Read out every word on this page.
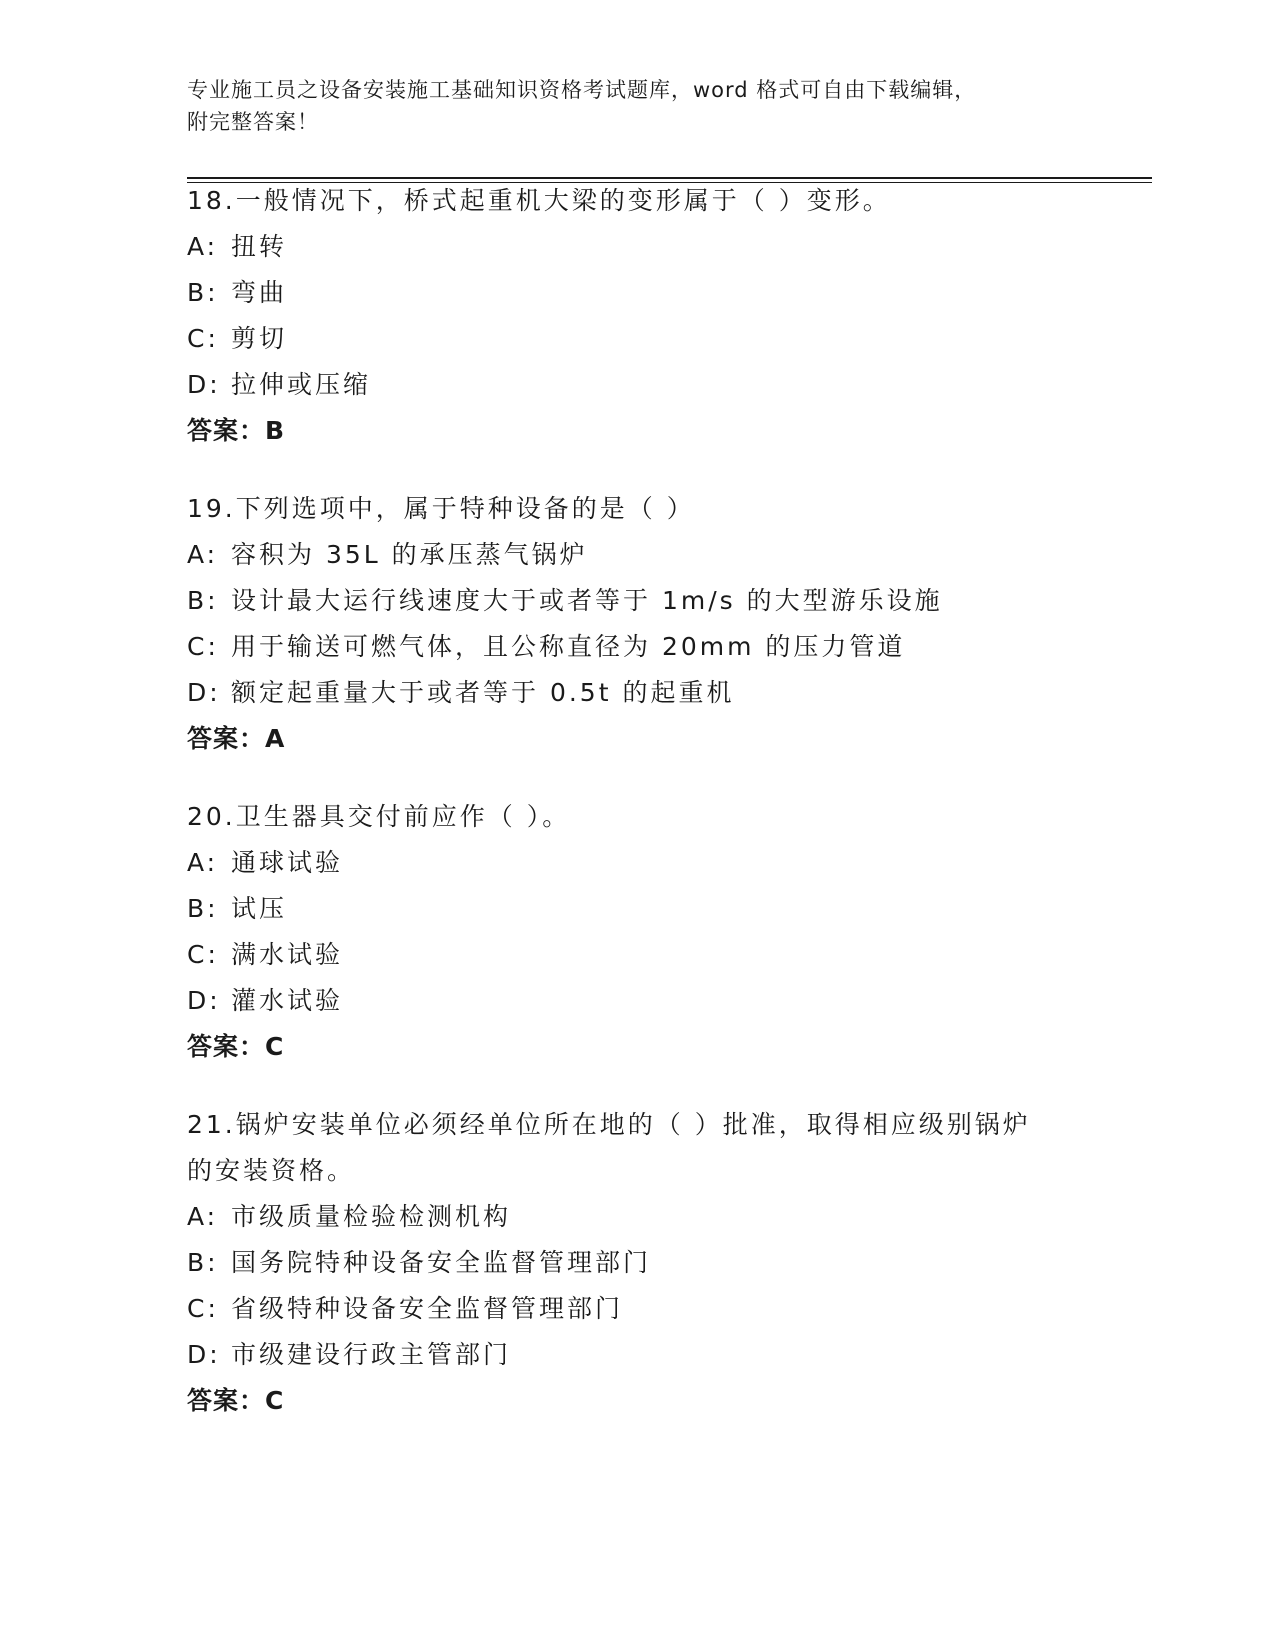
专业施工员之设备安装施工基础知识资格考试题库，word 格式可自由下载编辑，
附完整答案！
18.一般情况下，桥式起重机大梁的变形属于（ ）变形。
A: 扭转
B: 弯曲
C: 剪切
D: 拉伸或压缩
答案：B
19.下列选项中，属于特种设备的是（ ）
A: 容积为 35L 的承压蒸气锅炉
B: 设计最大运行线速度大于或者等于 1m/s 的大型游乐设施
C: 用于输送可燃气体，且公称直径为 20mm 的压力管道
D: 额定起重量大于或者等于 0.5t 的起重机
答案：A
20.卫生器具交付前应作（ ）。
A: 通球试验
B: 试压
C: 满水试验
D: 灌水试验
答案：C
21.锅炉安装单位必须经单位所在地的（ ）批准，取得相应级别锅炉
的安装资格。
A: 市级质量检验检测机构
B: 国务院特种设备安全监督管理部门
C: 省级特种设备安全监督管理部门
D: 市级建设行政主管部门
答案：C
